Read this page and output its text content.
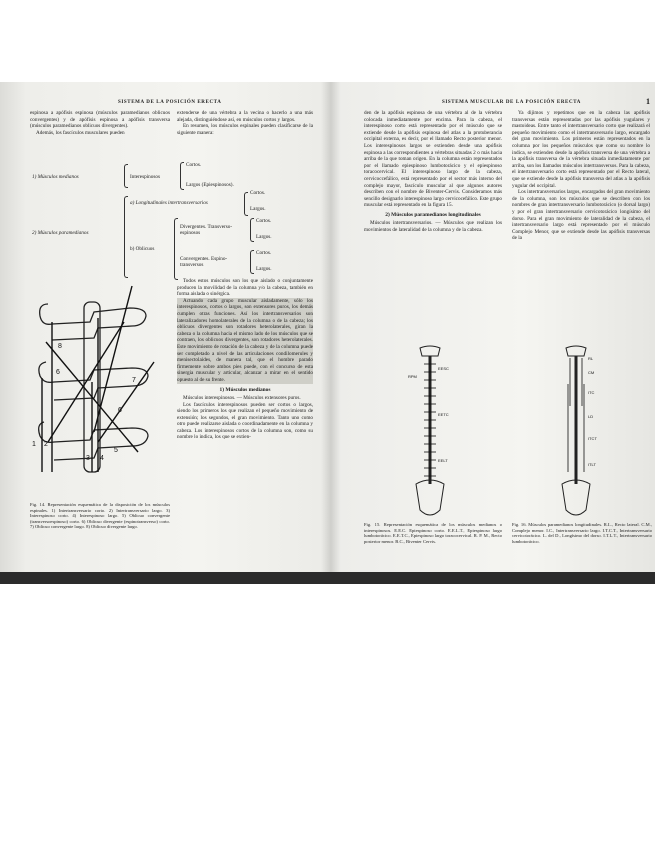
SISTEMA DE LA POSICIÓN ERECTA

espinosa a apófisis espinosa (músculos paramedianos oblicuos convergentes) y de apófisis espinosa a apófisis transversa (músculos paramedianos oblicuos divergentes).

Además, los fascículos musculares pueden

extenderse de una vértebra a la vecina o hacerlo a una más alejada, distinguiéndose así, en músculos cortos y largos.

En resumen, los músculos espinales pueden clasificarse de la siguiente manera:

1) Músculos medianos	Interespinosos
Cortos.
Largos (Epiespinosos).
2) Músculos paramedianos
a) Longitudinales intertransversarios
Cortos.
Largos.
b) Oblicuos
Divergentes. Transverso-espinosos
Cortos.
Largos.
Convergentes. Espino-transversos
Cortos.
Largos.

Todos estos músculos son los que aislado o conjuntamente producen la movilidad de la columna y/o la cabeza, también en forma aislada o sinérgica.

Actuando cada grupo muscular aisladamente, sólo los interespinosos, cortos o largos, son extensores puros, los demás cumplen otras funciones. Así los intertransversarios son lateralizadores homolaterales de la columna o de la cabeza; los oblicuos divergentes son rotadores heterolaterales, giran la cabeza o la columna hacia el mismo lado de los músculos que se contraen, los oblicuos divergentes, son rotadores heterolaterales. Este movimiento de rotación de la cabeza y de la columna puede ser completado a nivel de las articulaciones condilomerules y menisectolaides, de manera tal, que el hombre parado firmemente sobre ambos pies puede, con el concurso de esta sinergia muscular y articular, alcanzar a mirar en el sentido opuesto al de su frente.

1) Músculos medianos

Músculos interespinosos. — Músculos extensores puros.

Los fascículos interespinosos pueden ser cortos o largos, siendo los primeros los que realizan el pequeño movimiento de extensión; los segundos, el gran movimiento. Tanto uno como otro puede realizarse aislada o coordinadamente en la columna y cabeza. Los interespinosos cortos de la columna son, como su nombre lo indica, los que se extien-

1 2
3 4
5
6
6
7
8
Fig. 14. Representación esquemática de la disposición de los músculos espinales. 1) Intertransversario corto. 2) Intertransversario largo. 3) Interespinoso corto. 4) Interespinoso largo. 5) Oblicuo convergente (transversoespinoso) corto. 6) Oblicuo divergente (espinotransverso) corto. 7) Oblicuo convergente largo. 8) Oblicuo divergente largo.
SISTEMA MUSCULAR DE LA POSICIÓN ERECTA	1

den de la apófisis espinosa de una vértebra al de la vértebra colocada inmediatamente por encima. Para la cabeza, el interespinoso corto está representado por el músculo que se extiende desde la apófisis espinosa del atlas a la protuberancia occipital externa, es decir, por el llamado Recto posterior menor. Los interespinosos largos se extienden desde una apófisis espinosa a las correspondientes a vértebras situadas 2 o más hacia arriba de la que toman origen. En la columna están representados por el llamado epiespinoso lumbotorácico y el epiespinoso toracocervical. El interespinoso largo de la cabeza, cervicoccefálico, está representado por el sector más interno del complejo mayor, fascículo muscular al que algunos autores describen con el nombre de Biventer-Cervis. Consideramos más sencillo designarlo interespinoso largo cervicocefálico. Este grupo muscular está representado en la figura 15.

2) Músculos paramedianos longitudinales

Músculos intertransversarios. — Músculos que realizan los movimientos de lateralidad de la columna y de la cabeza.

Ya dijimos y repetimos que en la cabeza las apófisis transversas están representadas por las apófisis yugulares y mastoideas. Entre tanto el intertransversario corto que realizará el pequeño movimiento como el intertransversario largo, encargado del gran movimiento. Los primeros están representados en la columna por los pequeños músculos que como su nombre lo indica, se extienden desde la apófisis transversa de una vértebra a la apófisis transversa de la vértebra situada inmediatamente por arriba, son los llamados músculos intertransversos. Para la cabeza, el intertransversario corto está representado por el Recto lateral, que se extiende desde la apófisis transversa del atlas a la apófisis yugular del occipital.

Los intertransversarios largos, encargados del gran movimiento de la columna, son los músculos que se describen con los nombres de gran intertransversario lumbotorácico (o dorsal largo) y por el gran intertransversario cervicotorácico longísimo del dorso. Para el gran movimiento de lateralidad de la cabeza, el intertransversario largo está representado por el músculo Complejo Menor, que se extiende desde las apófisis transversas de la

EESC
RPM
EETC
EELT
RL
CM
ITC
LD
ITCT
ITLT
Fig. 15. Representación esquemática de los músculos medianos o interespinosos. E.E.C. Epiespinoso corto. E.E.L.T., Epiespinoso largo lumbotorácico. E.E.T.C., Epiespinoso largo toracocervical. R. P. M., Recto posterior menor. B.C., Biventer Cervis.
Fig. 16. Músculos paramedianos longitudinales. R.L., Recto lateral. C.M., Complejo menor. I.C., Intertransversario largo. I.T.C.T., Intertransversario cervicotorácico. L. del D., Longísimo del dorso. I.T.L.T., Intertransversario lumbotorácico.
